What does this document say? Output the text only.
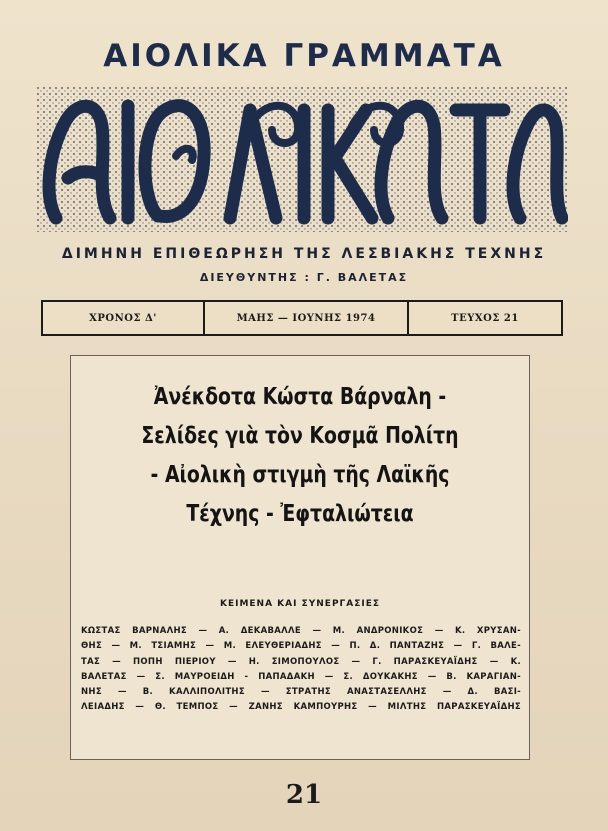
ΑΙΟΛΙΚΑ ΓΡΑΜΜΑΤΑ
ΔΙΜΗΝΗ ΕΠΙΘΕΩΡΗΣΗ ΤΗΣ ΛΕΣΒΙΑΚΗΣ ΤΕΧΝΗΣ
ΔΙΕΥΘΥΝΤΗΣ : Γ. ΒΑΛΕΤΑΣ
ΧΡΟΝΟΣ Δ'	ΜΑΗΣ — ΙΟΥΝΗΣ 1974	ΤΕΥΧΟΣ 21
Ἀνέκδοτα Κώστα Βάρναλη -
Σελίδες γιὰ τὸν Κοσμᾶ Πολίτη
- Αἰολικὴ στιγμὴ τῆς Λαϊκῆς
Τέχνης - Ἐφταλιώτεια
ΚΕΙΜΕΝΑ ΚΑΙ ΣΥΝΕΡΓΑΣΙΕΣ
ΚΩΣΤΑΣ ΒΑΡΝΑΛΗΣ — Α. ΔΕΚΑΒΑΛΛΕ — Μ. ΑΝΔΡΟΝΙΚΟΣ — Κ. ΧΡΥΣΑΝ-
ΘΗΣ — Μ. ΤΣΙΑΜΗΣ — Μ. ΕΛΕΥΘΕΡΙΑΔΗΣ — Π. Δ. ΠΑΝΤΑΖΗΣ — Γ. ΒΑΛΕ-
ΤΑΣ — ΠΟΠΗ ΠΙΕΡΙΟΥ — Η. ΣΙΜΟΠΟΥΛΟΣ — Γ. ΠΑΡΑΣΚΕΥΑΪΔΗΣ — Κ.
ΒΑΛΕΤΑΣ — Σ. ΜΑΥΡΟΕΙΔΗ - ΠΑΠΑΔΑΚΗ — Σ. ΔΟΥΚΑΚΗΣ — Β. ΚΑΡΑΓΙΑΝ-
ΝΗΣ — Β. ΚΑΛΛΙΠΟΛΙΤΗΣ — ΣΤΡΑΤΗΣ ΑΝΑΣΤΑΣΕΛΛΗΣ — Δ. ΒΑΣΙ-
ΛΕΙΑΔΗΣ — Θ. ΤΕΜΠΟΣ — ΖΑΝΗΣ ΚΑΜΠΟΥΡΗΣ — ΜΙΛΤΗΣ ΠΑΡΑΣΚΕΥΑΪΔΗΣ
21
